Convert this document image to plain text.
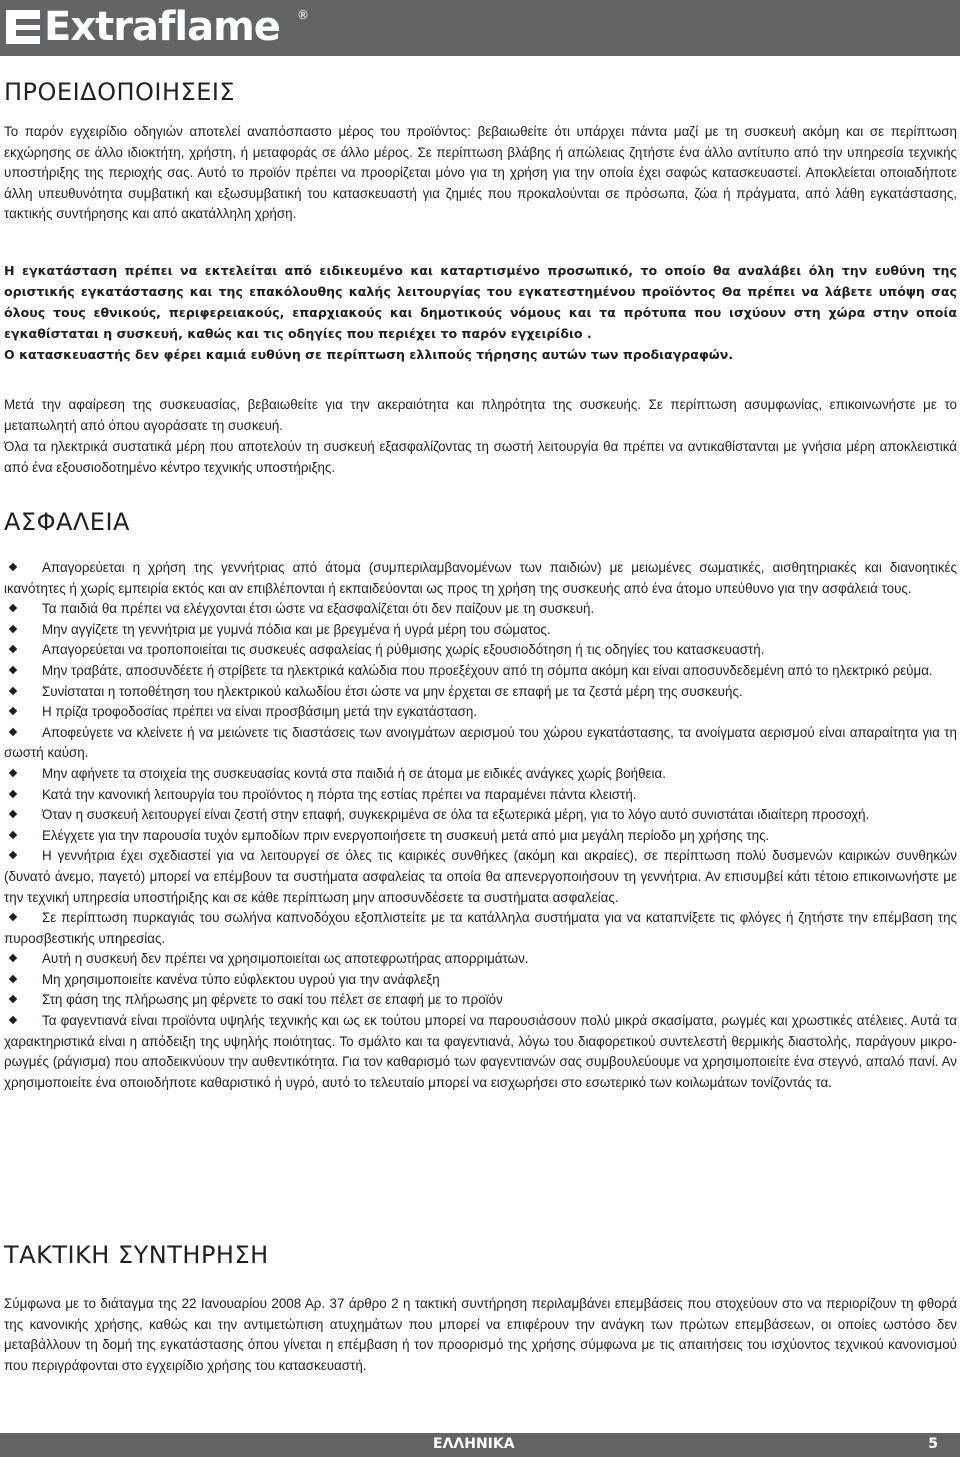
Extraflame ®
ΠΡΟΕΙΔΟΠΟΙΗΣΕΙΣ

Το παρόν εγχειρίδιο οδηγιών αποτελεί αναπόσπαστο μέρος του προϊόντος: βεβαιωθείτε ότι υπάρχει πάντα μαζί με τη συσκευή ακόμη και σε περίπτωση εκχώρησης σε άλλο ιδιοκτήτη, χρήστη, ή μεταφοράς σε άλλο μέρος. Σε περίπτωση βλάβης ή απώλειας ζητήστε ένα άλλο αντίτυπο από την υπηρεσία τεχνικής υποστήριξης της περιοχής σας. Αυτό το προϊόν πρέπει να προορίζεται μόνο για τη χρήση για την οποία έχει σαφώς κατασκευαστεί. Αποκλείεται οποιαδήποτε άλλη υπευθυνότητα συμβατική και εξωσυμβατική του κατασκευαστή για ζημιές που προκαλούνται σε πρόσωπα, ζώα ή πράγματα, από λάθη εγκατάστασης, τακτικής συντήρησης και από ακατάλληλη χρήση.

Η εγκατάσταση πρέπει να εκτελείται από ειδικευμένο και καταρτισμένο προσωπικό, το οποίο θα αναλάβει όλη την ευθύνη της οριστικής εγκατάστασης και της επακόλουθης καλής λειτουργίας του εγκατεστημένου προϊόντος Θα πρέπει να λάβετε υπόψη σας όλους τους εθνικούς, περιφερειακούς, επαρχιακούς και δημοτικούς νόμους και τα πρότυπα που ισχύουν στη χώρα στην οποία εγκαθίσταται η συσκευή, καθώς και τις οδηγίες που περιέχει το παρόν εγχειρίδιο .

Ο κατασκευαστής δεν φέρει καμιά ευθύνη σε περίπτωση ελλιπούς τήρησης αυτών των προδιαγραφών.

Μετά την αφαίρεση της συσκευασίας, βεβαιωθείτε για την ακεραιότητα και πληρότητα της συσκευής. Σε περίπτωση ασυμφωνίας, επικοινωνήστε με το μεταπωλητή από όπου αγοράσατε τη συσκευή.

Όλα τα ηλεκτρικά συστατικά μέρη που αποτελούν τη συσκευή εξασφαλίζοντας τη σωστή λειτουργία θα πρέπει να αντικαθίστανται με γνήσια μέρη αποκλειστικά από ένα εξουσιοδοτημένο κέντρο τεχνικής υποστήριξης.

ΑΣΦΑΛΕΙΑ
Απαγορεύεται η χρήση της γεννήτριας από άτομα (συμπεριλαμβανομένων των παιδιών) με μειωμένες σωματικές, αισθητηριακές και διανοητικές ικανότητες ή χωρίς εμπειρία εκτός και αν επιβλέπονται ή εκπαιδεύονται ως προς τη χρήση της συσκευής από ένα άτομο υπεύθυνο για την ασφάλειά τους.
Τα παιδιά θα πρέπει να ελέγχονται έτσι ώστε να εξασφαλίζεται ότι δεν παίζουν με τη συσκευή.
Μην αγγίζετε τη γεννήτρια με γυμνά πόδια και με βρεγμένα ή υγρά μέρη του σώματος.
Απαγορεύεται να τροποποιείται τις συσκευές ασφαλείας ή ρύθμισης χωρίς εξουσιοδότηση ή τις οδηγίες του κατασκευαστή.
Μην τραβάτε, αποσυνδέετε ή στρίβετε τα ηλεκτρικά καλώδια που προεξέχουν από τη σόμπα ακόμη και είναι αποσυνδεδεμένη από το ηλεκτρικό ρεύμα.
Συνίσταται η τοποθέτηση του ηλεκτρικού καλωδίου έτσι ώστε να μην έρχεται σε επαφή με τα ζεστά μέρη της συσκευής.
Η πρίζα τροφοδοσίας πρέπει να είναι προσβάσιμη μετά την εγκατάσταση.
Αποφεύγετε να κλείνετε ή να μειώνετε τις διαστάσεις των ανοιγμάτων αερισμού του χώρου εγκατάστασης, τα ανοίγματα αερισμού είναι απαραίτητα για τη σωστή καύση.
Μην αφήνετε τα στοιχεία της συσκευασίας κοντά στα παιδιά ή σε άτομα με ειδικές ανάγκες χωρίς βοήθεια.
Κατά την κανονική λειτουργία του προϊόντος η πόρτα της εστίας πρέπει να παραμένει πάντα κλειστή.
Όταν η συσκευή λειτουργεί είναι ζεστή στην επαφή, συγκεκριμένα σε όλα τα εξωτερικά μέρη, για το λόγο αυτό συνιστάται ιδιαίτερη προσοχή.
Ελέγχετε για την παρουσία τυχόν εμποδίων πριν ενεργοποιήσετε τη συσκευή μετά από μια μεγάλη περίοδο μη χρήσης της.
Η γεννήτρια έχει σχεδιαστεί για να λειτουργεί σε όλες τις καιρικές συνθήκες (ακόμη και ακραίες), σε περίπτωση πολύ δυσμενών καιρικών συνθηκών (δυνατό άνεμο, παγετό) μπορεί να επέμβουν τα συστήματα ασφαλείας τα οποία θα απενεργοποιήσουν τη γεννήτρια. Αν επισυμβεί κάτι τέτοιο επικοινωνήστε με την τεχνική υπηρεσία υποστήριξης και σε κάθε περίπτωση μην αποσυνδέσετε τα συστήματα ασφαλείας.
Σε περίπτωση πυρκαγιάς του σωλήνα καπνοδόχου εξοπλιστείτε με τα κατάλληλα συστήματα για να καταπνίξετε τις φλόγες ή ζητήστε την επέμβαση της πυροσβεστικής υπηρεσίας.
Αυτή η συσκευή δεν πρέπει να χρησιμοποιείται ως αποτεφρωτήρας απορριμάτων.
Μη χρησιμοποιείτε κανένα τύπο εύφλεκτου υγρού για την ανάφλεξη
Στη φάση της πλήρωσης μη φέρνετε το σακί του πέλετ σε επαφή με το προϊόν
Τα φαγεντιανά είναι προϊόντα υψηλής τεχνικής και ως εκ τούτου μπορεί να παρουσιάσουν πολύ μικρά σκασίματα, ρωγμές και χρωστικές ατέλειες. Αυτά τα χαρακτηριστικά είναι η απόδειξη της υψηλής ποιότητας. Το σμάλτο και τα φαγεντιανά, λόγω του διαφορετικού συντελεστή θερμικής διαστολής, παράγουν μικρο-ρωγμές (ράγισμα) που αποδεικνύουν την αυθεντικότητα. Για τον καθαρισμό των φαγεντιανών σας συμβουλεύουμε να χρησιμοποιείτε ένα στεγνό, απαλό πανί. Αν χρησιμοποιείτε ένα οποιοδήποτε καθαριστικό ή υγρό, αυτό το τελευταίο μπορεί να εισχωρήσει στο εσωτερικό των κοιλωμάτων τονίζοντάς τα.
ΤΑΚΤΙΚΗ ΣΥΝΤΗΡΗΣΗ

Σύμφωνα με το διάταγμα της 22 Ιανουαρίου 2008 Αρ. 37 άρθρο 2 η τακτική συντήρηση περιλαμβάνει επεμβάσεις που στοχεύουν στο να περιορίζουν τη φθορά της κανονικής χρήσης, καθώς και την αντιμετώπιση ατυχημάτων που μπορεί να επιφέρουν την ανάγκη των πρώτων επεμβάσεων, οι οποίες ωστόσο δεν μεταβάλλουν τη δομή της εγκατάστασης όπου γίνεται η επέμβαση ή τον προορισμό της χρήσης σύμφωνα με τις απαιτήσεις του ισχύοντος τεχνικού κανονισμού που περιγράφονται στο εγχειρίδιο χρήσης του κατασκευαστή.

ΕΛΛΗΝΙΚΑ	5
